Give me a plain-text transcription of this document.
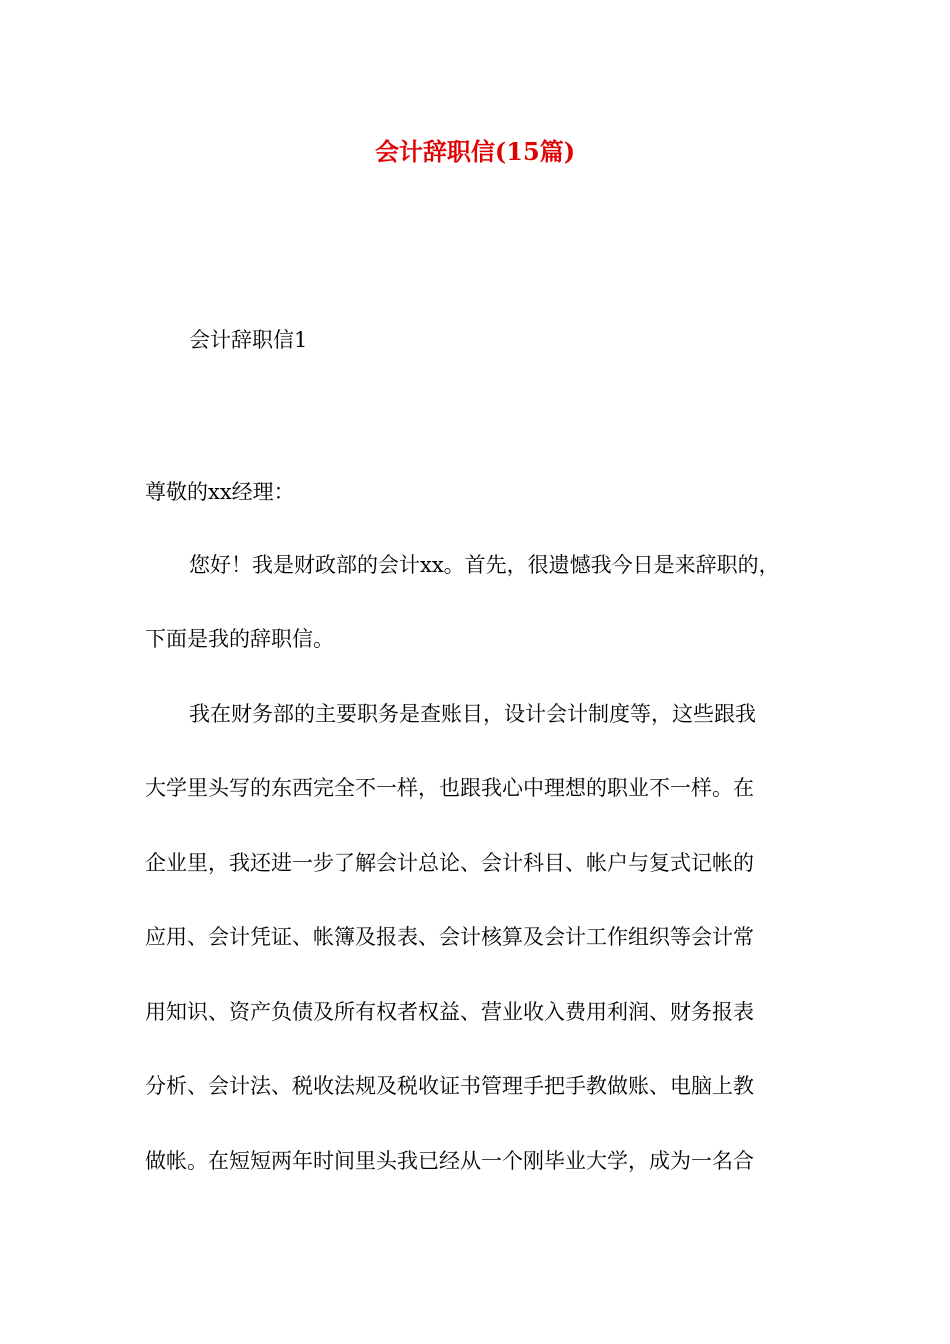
会计辞职信(15篇)
会计辞职信1
尊敬的xx经理：
您好！我是财政部的会计xx。首先，很遗憾我今日是来辞职的，
下面是我的辞职信。
我在财务部的主要职务是查账目，设计会计制度等，这些跟我
大学里头写的东西完全不一样，也跟我心中理想的职业不一样。在
企业里，我还进一步了解会计总论、会计科目、帐户与复式记帐的
应用、会计凭证、帐簿及报表、会计核算及会计工作组织等会计常
用知识、资产负债及所有权者权益、营业收入费用利润、财务报表
分析、会计法、税收法规及税收证书管理手把手教做账、电脑上教
做帐。在短短两年时间里头我已经从一个刚毕业大学，成为一名合
